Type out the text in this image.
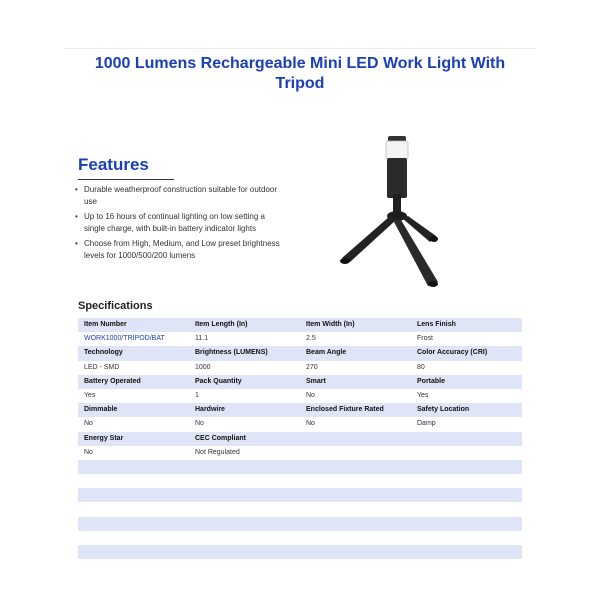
1000 Lumens Rechargeable Mini LED Work Light With Tripod
Features
• Durable weatherproof construction suitable for outdoor use
• Up to 16 hours of continual lighting on low setting a single charge, with built-in battery indicator lights
• Choose from High, Medium, and Low preset brightness levels for 1000/500/200 lumens
Specifications
Item Number	Item Length (In)	Item Width (In)	Lens Finish
WORK1000/TRIPOD/BAT	11.1	2.5	Frost
Technology	Brightness (LUMENS)	Beam Angle	Color Accuracy (CRI)
LED - SMD	1000	270	80
Battery Operated	Pack Quantity	Smart	Portable
Yes	1	No	Yes
Dimmable	Hardwire	Enclosed Fixture Rated	Safety Location
No	No	No	Damp
Energy Star	CEC Compliant
No	Not Regulated
